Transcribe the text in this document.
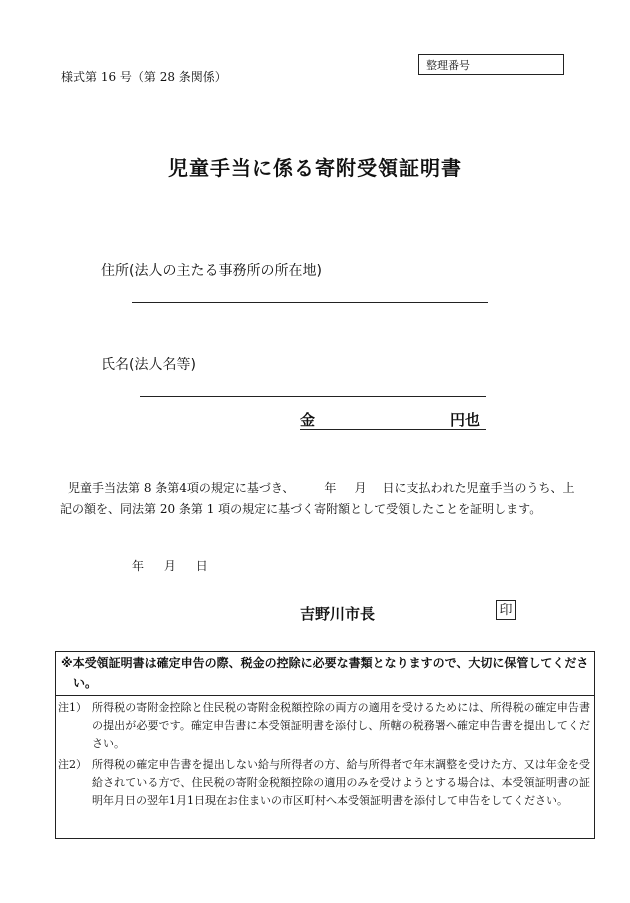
様式第 16 号（第 28 条関係）
整理番号
児童手当に係る寄附受領証明書
住所(法人の主たる事務所の所在地)
氏名(法人名等)
金	円也
児童手当法第 8 条第4項の規定に基づき、	年 月 日に支払われた児童手当のうち、上記の額を、同法第 20 条第 1 項の規定に基づく寄附額として受領したことを証明します。
年 月 日
吉野川市長	印
※本受領証明書は確定申告の際、税金の控除に必要な書類となりますので、大切に保管してください。
注1） 所得税の寄附金控除と住民税の寄附金税額控除の両方の適用を受けるためには、所得税の確定申告書の提出が必要です。確定申告書に本受領証明書を添付し、所轄の税務署へ確定申告書を提出してください。
注2） 所得税の確定申告書を提出しない給与所得者の方、給与所得者で年末調整を受けた方、又は年金を受給されている方で、住民税の寄附金税額控除の適用のみを受けようとする場合は、本受領証明書の証明年月日の翌年1月1日現在お住まいの市区町村へ本受領証明書を添付して申告をしてください。
